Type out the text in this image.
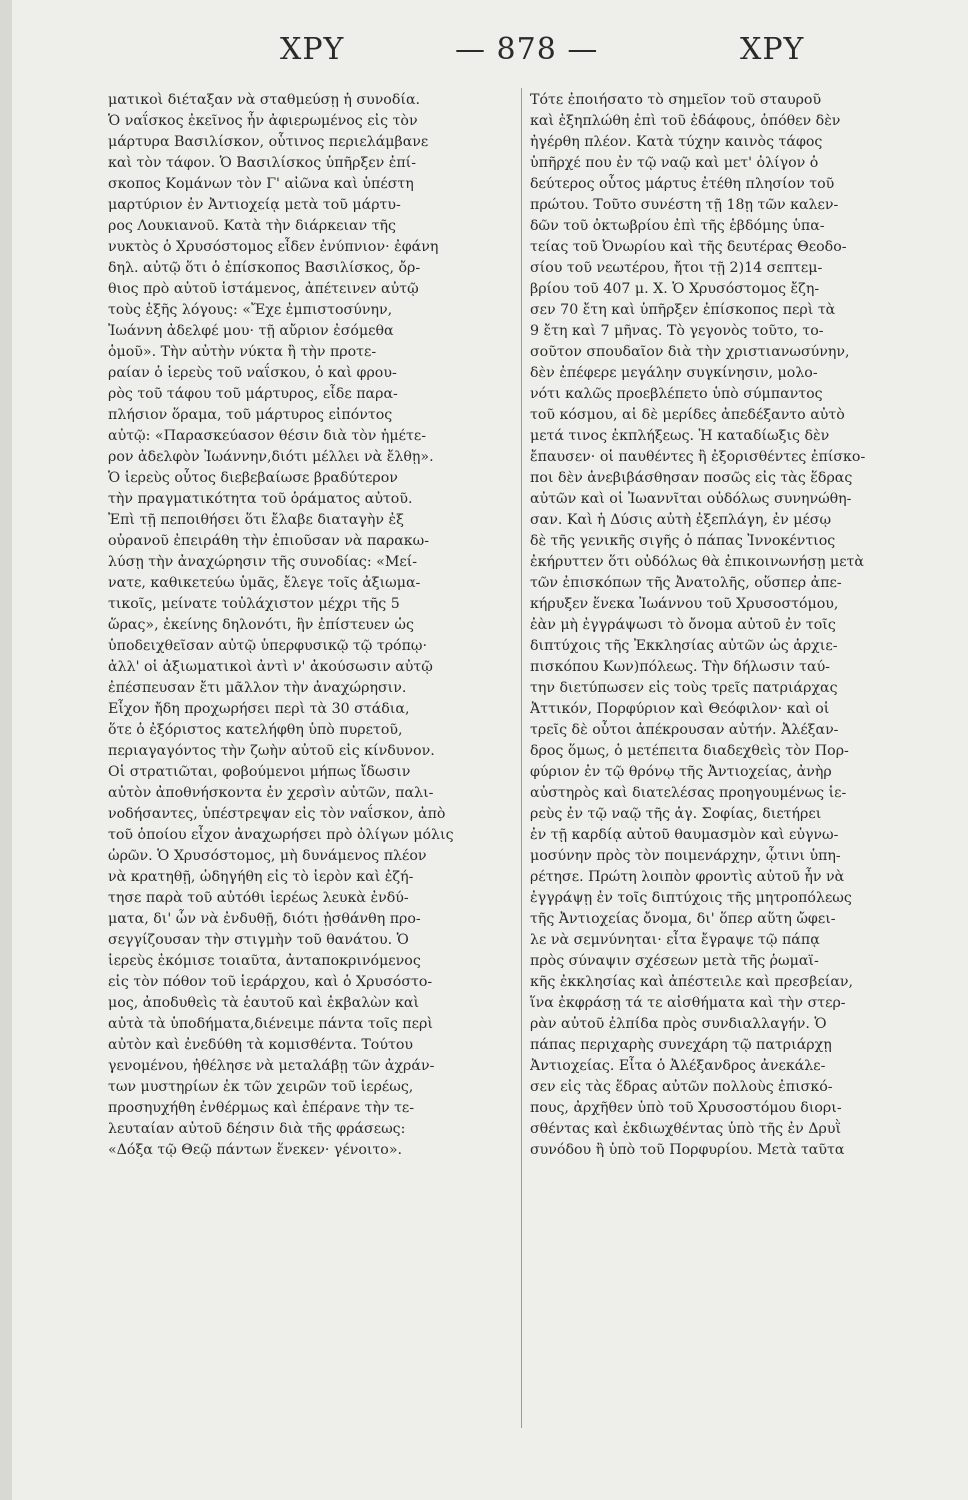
ΧΡΥ	— 878 —	ΧΡΥ
ματικοὶ διέταξαν νὰ σταθμεύσῃ ἡ συνοδία.
Ὁ ναΐσκος ἐκεῖνος ἦν ἀφιερωμένος εἰς τὸν
μάρτυρα Βασιλίσκον, οὗτινος περιελάμβανε
καὶ τὸν τάφον. Ὁ Βασιλίσκος ὑπῆρξεν ἐπί-
σκοπος Κομάνων τὸν Γ' αἰῶνα καὶ ὑπέστη
μαρτύριον ἐν Ἀντιοχείᾳ μετὰ τοῦ μάρτυ-
ρος Λουκιανοῦ. Κατὰ τὴν διάρκειαν τῆς
νυκτὸς ὁ Χρυσόστομος εἶδεν ἐνύπνιον· ἐφάνη
δηλ. αὐτῷ ὅτι ὁ ἐπίσκοπος Βασιλίσκος, ὄρ-
θιος πρὸ αὐτοῦ ἱστάμενος, ἀπέτεινεν αὐτῷ
τοὺς ἑξῆς λόγους: «Ἔχε ἐμπιστοσύνην,
Ἰωάννη ἀδελφέ μου· τῇ αὔριον ἐσόμεθα
ὁμοῦ». Τὴν αὐτὴν νύκτα ἢ τὴν προτε-
ραίαν ὁ ἱερεὺς τοῦ ναΐσκου, ὁ καὶ φρου-
ρὸς τοῦ τάφου τοῦ μάρτυρος, εἶδε παρα-
πλήσιον ὅραμα, τοῦ μάρτυρος εἰπόντος
αὐτῷ: «Παρασκεύασον θέσιν διὰ τὸν ἡμέτε-
ρον ἀδελφὸν Ἰωάννην,διότι μέλλει νὰ ἔλθῃ».
Ὁ ἱερεὺς οὗτος διεβεβαίωσε βραδύτερον
τὴν πραγματικότητα τοῦ ὁράματος αὐτοῦ.
Ἐπὶ τῇ πεποιθήσει ὅτι ἔλαβε διαταγὴν ἐξ
οὐρανοῦ ἐπειράθη τὴν ἐπιοῦσαν νὰ παρακω-
λύσῃ τὴν ἀναχώρησιν τῆς συνοδίας: «Μεί-
νατε, καθικετεύω ὑμᾶς, ἔλεγε τοῖς ἀξιωμα-
τικοῖς, μείνατε τοὐλάχιστον μέχρι τῆς 5
ὥρας», ἐκείνης δηλονότι, ἣν ἐπίστευεν ὡς
ὑποδειχθεῖσαν αὐτῷ ὑπερφυσικῷ τῷ τρόπῳ·
ἀλλ' οἱ ἀξιωματικοὶ ἀντὶ ν' ἀκούσωσιν αὐτῷ
ἐπέσπευσαν ἔτι μᾶλλον τὴν ἀναχώρησιν.
Εἶχον ἤδη προχωρήσει περὶ τὰ 30 στάδια,
ὅτε ὁ ἐξόριστος κατελήφθη ὑπὸ πυρετοῦ,
περιαγαγόντος τὴν ζωὴν αὐτοῦ εἰς κίνδυνον.
Οἱ στρατιῶται, φοβούμενοι μήπως ἴδωσιν
αὐτὸν ἀποθνήσκοντα ἐν χερσὶν αὐτῶν, παλι-
νοδήσαντες, ὑπέστρεψαν εἰς τὸν ναΐσκον, ἀπὸ
τοῦ ὁποίου εἶχον ἀναχωρήσει πρὸ ὀλίγων μόλις
ὡρῶν. Ὁ Χρυσόστομος, μὴ δυνάμενος πλέον
νὰ κρατηθῇ, ὡδηγήθη εἰς τὸ ἱερὸν καὶ ἐζή-
τησε παρὰ τοῦ αὐτόθι ἱερέως λευκὰ ἐνδύ-
ματα, δι' ὧν νὰ ἐνδυθῇ, διότι ᾐσθάνθη προ-
σεγγίζουσαν τὴν στιγμὴν τοῦ θανάτου. Ὁ
ἱερεὺς ἐκόμισε τοιαῦτα, ἀνταποκρινόμενος
εἰς τὸν πόθον τοῦ ἱεράρχου, καὶ ὁ Χρυσόστο-
μος, ἀποδυθεὶς τὰ ἑαυτοῦ καὶ ἐκβαλὼν καὶ
αὐτὰ τὰ ὑποδήματα,διένειμε πάντα τοῖς περὶ
αὐτὸν καὶ ἐνεδύθη τὰ κομισθέντα. Τούτου
γενομένου, ἠθέλησε νὰ μεταλάβῃ τῶν ἀχράν-
των μυστηρίων ἐκ τῶν χειρῶν τοῦ ἱερέως,
προσηυχήθη ἐνθέρμως καὶ ἐπέρανε τὴν τε-
λευταίαν αὐτοῦ δέησιν διὰ τῆς φράσεως:
«Δόξα τῷ Θεῷ πάντων ἕνεκεν· γένοιτο».
Τότε ἐποιήσατο τὸ σημεῖον τοῦ σταυροῦ
καὶ ἐξηπλώθη ἐπὶ τοῦ ἐδάφους, ὁπόθεν δὲν
ἠγέρθη πλέον. Κατὰ τύχην καινὸς τάφος
ὑπῆρχέ που ἐν τῷ ναῷ καὶ μετ' ὀλίγον ὁ
δεύτερος οὗτος μάρτυς ἐτέθη πλησίον τοῦ
πρώτου. Τοῦτο συνέστη τῇ 18ῃ τῶν καλεν-
δῶν τοῦ ὀκτωβρίου ἐπὶ τῆς ἑβδόμης ὑπα-
τείας τοῦ Ὀνωρίου καὶ τῆς δευτέρας Θεοδο-
σίου τοῦ νεωτέρου, ἤτοι τῇ 2)14 σεπτεμ-
βρίου τοῦ 407 μ. Χ. Ὁ Χρυσόστομος ἔζη-
σεν 70 ἔτη καὶ ὑπῆρξεν ἐπίσκοπος περὶ τὰ
9 ἔτη καὶ 7 μῆνας. Τὸ γεγονὸς τοῦτο, το-
σοῦτον σπουδαῖον διὰ τὴν χριστιανωσύνην,
δὲν ἐπέφερε μεγάλην συγκίνησιν, μολο-
νότι καλῶς προεβλέπετο ὑπὸ σύμπαντος
τοῦ κόσμου, αἱ δὲ μερίδες ἀπεδέξαντο αὐτὸ
μετά τινος ἐκπλήξεως. Ἡ καταδίωξις δὲν
ἔπαυσεν· οἱ παυθέντες ἢ ἐξορισθέντες ἐπίσκο-
ποι δὲν ἀνεβιβάσθησαν ποσῶς εἰς τὰς ἕδρας
αὐτῶν καὶ οἱ Ἰωαννῖται οὐδόλως συνηνώθη-
σαν. Καὶ ἡ Δύσις αὐτὴ ἐξεπλάγη, ἐν μέσῳ
δὲ τῆς γενικῆς σιγῆς ὁ πάπας Ἰννοκέντιος
ἐκήρυττεν ὅτι οὐδόλως θὰ ἐπικοινωνήσῃ μετὰ
τῶν ἐπισκόπων τῆς Ἀνατολῆς, οὕσπερ ἀπε-
κήρυξεν ἕνεκα Ἰωάννου τοῦ Χρυσοστόμου,
ἐὰν μὴ ἐγγράψωσι τὸ ὄνομα αὐτοῦ ἐν τοῖς
διπτύχοις τῆς Ἐκκλησίας αὐτῶν ὡς ἀρχιε-
πισκόπου Κων)πόλεως. Τὴν δήλωσιν ταύ-
την διετύπωσεν εἰς τοὺς τρεῖς πατριάρχας
Ἀττικόν, Πορφύριον καὶ Θεόφιλον· καὶ οἱ
τρεῖς δὲ οὗτοι ἀπέκρουσαν αὐτήν. Ἀλέξαν-
δρος ὅμως, ὁ μετέπειτα διαδεχθεὶς τὸν Πορ-
φύριον ἐν τῷ θρόνῳ τῆς Ἀντιοχείας, ἀνὴρ
αὐστηρὸς καὶ διατελέσας προηγουμένως ἱε-
ρεὺς ἐν τῷ ναῷ τῆς ἁγ. Σοφίας, διετήρει
ἐν τῇ καρδίᾳ αὐτοῦ θαυμασμὸν καὶ εὐγνω-
μοσύνην πρὸς τὸν ποιμενάρχην, ᾧτινι ὑπη-
ρέτησε. Πρώτη λοιπὸν φροντὶς αὐτοῦ ἦν νὰ
ἐγγράψῃ ἐν τοῖς διπτύχοις τῆς μητροπόλεως
τῆς Ἀντιοχείας ὄνομα, δι' ὅπερ αὕτη ὤφει-
λε νὰ σεμνύνηται· εἶτα ἔγραψε τῷ πάπᾳ
πρὸς σύναψιν σχέσεων μετὰ τῆς ῥωμαϊ-
κῆς ἐκκλησίας καὶ ἀπέστειλε καὶ πρεσβείαν,
ἵνα ἐκφράσῃ τά τε αἰσθήματα καὶ τὴν στερ-
ρὰν αὐτοῦ ἐλπίδα πρὸς συνδιαλλαγήν. Ὁ
πάπας περιχαρὴς συνεχάρη τῷ πατριάρχῃ
Ἀντιοχείας. Εἶτα ὁ Ἀλέξανδρος ἀνεκάλε-
σεν εἰς τὰς ἕδρας αὐτῶν πολλοὺς ἐπισκό-
πους, ἀρχῆθεν ὑπὸ τοῦ Χρυσοστόμου διορι-
σθέντας καὶ ἐκδιωχθέντας ὑπὸ τῆς ἐν Δρυῒ
συνόδου ἢ ὑπὸ τοῦ Πορφυρίου. Μετὰ ταῦτα
